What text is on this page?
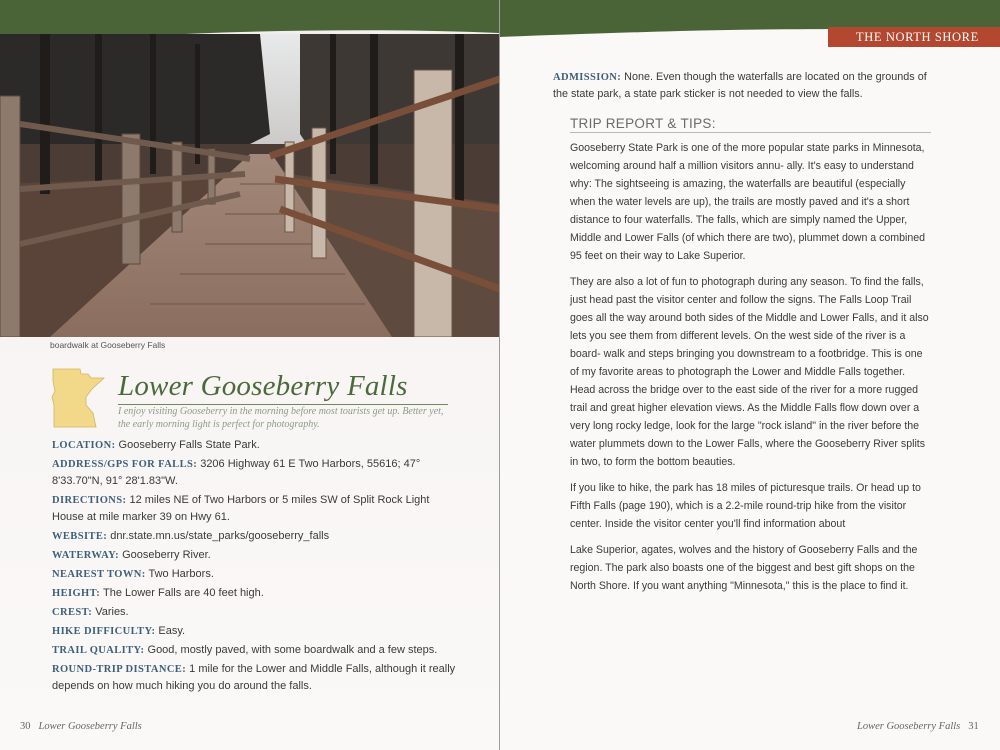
boardwalk at Gooseberry Falls
Lower Gooseberry Falls
I enjoy visiting Gooseberry in the morning before most tourists get up. Better yet, the early morning light is perfect for photography.
LOCATION: Gooseberry Falls State Park.
ADDRESS/GPS FOR FALLS: 3206 Highway 61 E Two Harbors, 55616; 47° 8'33.70"N, 91° 28'1.83"W.
DIRECTIONS: 12 miles NE of Two Harbors or 5 miles SW of Split Rock Light House at mile marker 39 on Hwy 61.
WEBSITE: dnr.state.mn.us/state_parks/gooseberry_falls
WATERWAY: Gooseberry River.
NEAREST TOWN: Two Harbors.
HEIGHT: The Lower Falls are 40 feet high.
CREST: Varies.
HIKE DIFFICULTY: Easy.
TRAIL QUALITY: Good, mostly paved, with some boardwalk and a few steps.
ROUND-TRIP DISTANCE: 1 mile for the Lower and Middle Falls, although it really depends on how much hiking you do around the falls.
30 Lower Gooseberry Falls
THE NORTH SHORE
ADMISSION: None. Even though the waterfalls are located on the grounds of the state park, a state park sticker is not needed to view the falls.
TRIP REPORT & TIPS:

Gooseberry State Park is one of the more popular state parks in Minnesota, welcoming around half a million visitors annu- ally. It's easy to understand why: The sightseeing is amazing, the waterfalls are beautiful (especially when the water levels are up), the trails are mostly paved and it's a short distance to four waterfalls. The falls, which are simply named the Upper, Middle and Lower Falls (of which there are two), plummet down a combined 95 feet on their way to Lake Superior.

They are also a lot of fun to photograph during any season. To find the falls, just head past the visitor center and follow the signs. The Falls Loop Trail goes all the way around both sides of the Middle and Lower Falls, and it also lets you see them from different levels. On the west side of the river is a board- walk and steps bringing you downstream to a footbridge. This is one of my favorite areas to photograph the Lower and Middle Falls together. Head across the bridge over to the east side of the river for a more rugged trail and great higher elevation views. As the Middle Falls flow down over a very long rocky ledge, look for the large "rock island" in the river before the water plummets down to the Lower Falls, where the Gooseberry River splits in two, to form the bottom beauties.

If you like to hike, the park has 18 miles of picturesque trails. Or head up to Fifth Falls (page 190), which is a 2.2-mile round-trip hike from the visitor center. Inside the visitor center you'll find information about

Lake Superior, agates, wolves and the history of Gooseberry Falls and the region. The park also boasts one of the biggest and best gift shops on the North Shore. If you want anything "Minnesota," this is the place to find it.

Lower Gooseberry Falls 31
